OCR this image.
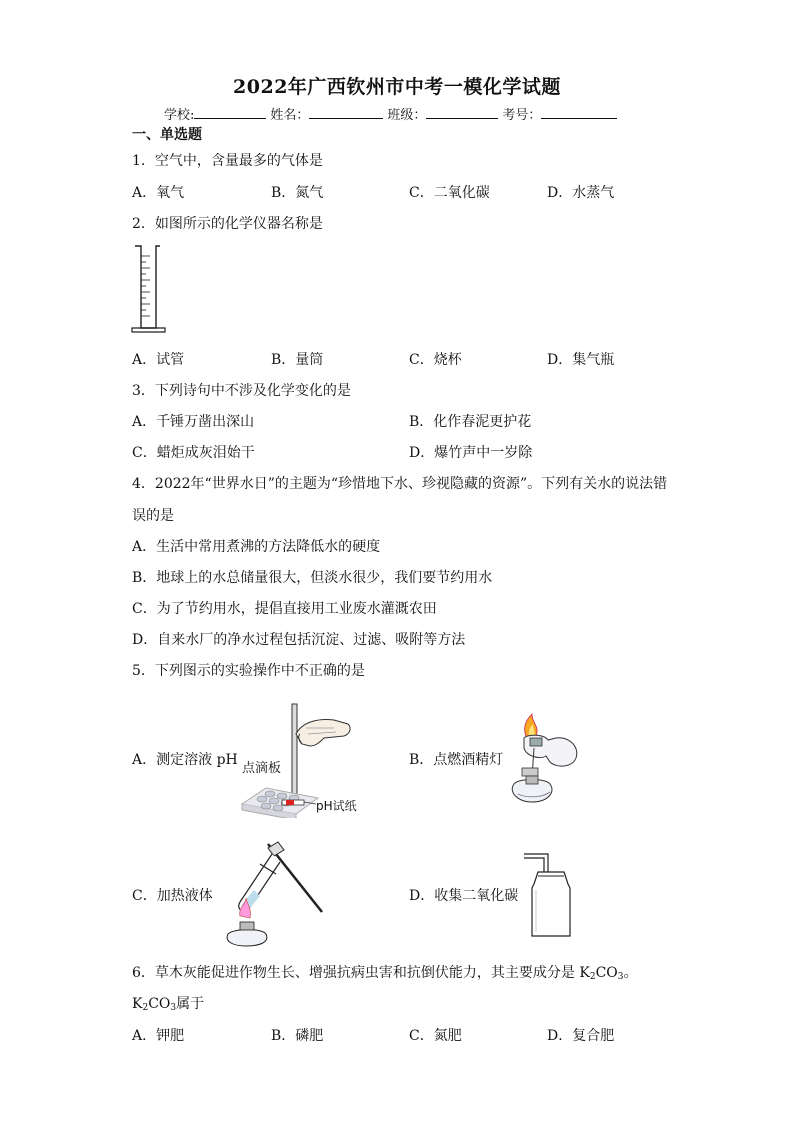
2022年广西钦州市中考一模化学试题
学校:	姓名：	班级：	考号：
一、单选题
1．空气中，含量最多的气体是
A．氧气	B．氮气	C．二氧化碳	D．水蒸气
2．如图所示的化学仪器名称是
A．试管	B．量筒	C．烧杯	D．集气瓶
3．下列诗句中不涉及化学变化的是
A．千锤万凿出深山	B．化作春泥更护花
C．蜡炬成灰泪始干	D．爆竹声中一岁除
4．2022年“世界水日”的主题为“珍惜地下水、珍视隐藏的资源”。下列有关水的说法错
误的是
A．生活中常用煮沸的方法降低水的硬度
B．地球上的水总储量很大，但淡水很少，我们要节约用水
C．为了节约用水，提倡直接用工业废水灌溉农田
D．自来水厂的净水过程包括沉淀、过滤、吸附等方法
5．下列图示的实验操作中不正确的是
A．测定溶液 pH
点滴板
pH试纸
B．点燃酒精灯
C．加热液体	D．收集二氧化碳
6．草木灰能促进作物生长、增强抗病虫害和抗倒伏能力，其主要成分是 $K_2CO_3$。
$K_2CO_3$属于
A．钾肥	B．磷肥	C．氮肥	D．复合肥
